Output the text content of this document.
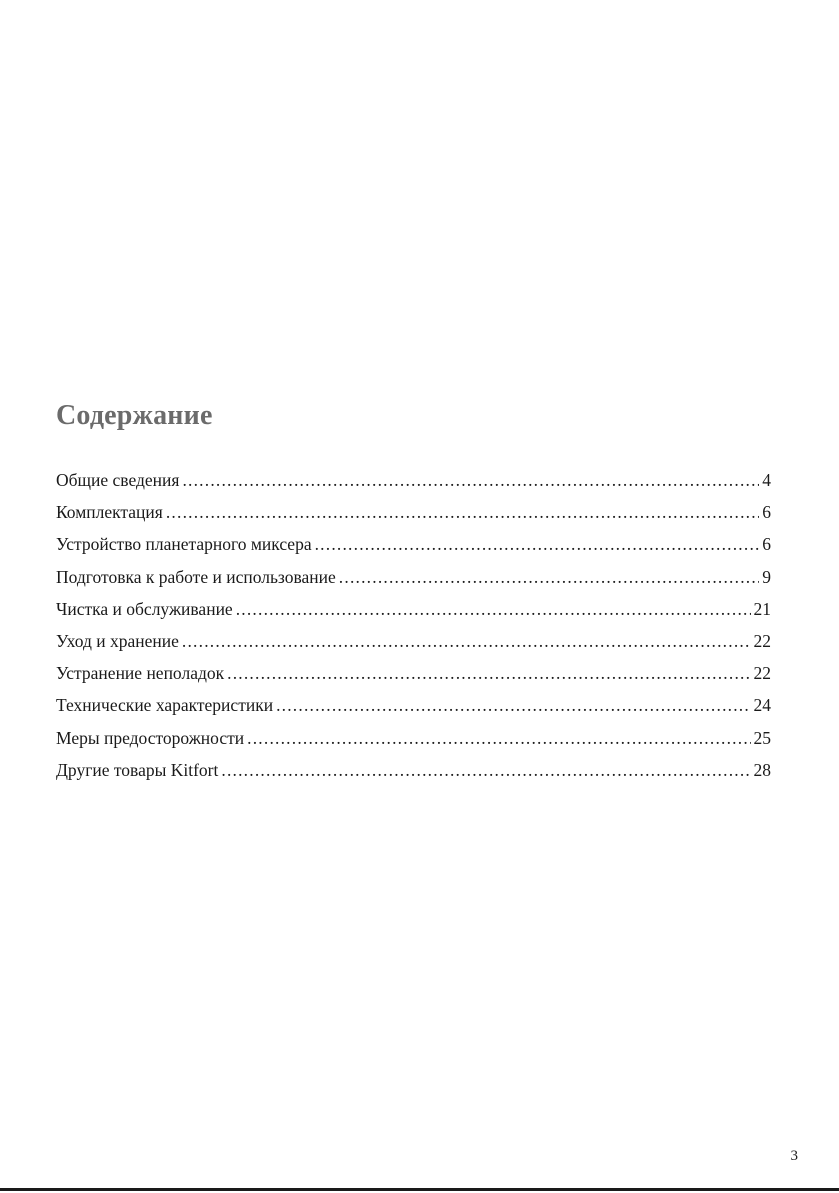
Содержание
Общие сведения .....	4
Комплектация .....	6
Устройство планетарного миксера .....	6
Подготовка к работе и использование .....	9
Чистка и обслуживание .....	21
Уход и хранение .....	22
Устранение неполадок .....	22
Технические характеристики .....	24
Меры предосторожности .....	25
Другие товары Kitfort .....	28
3
